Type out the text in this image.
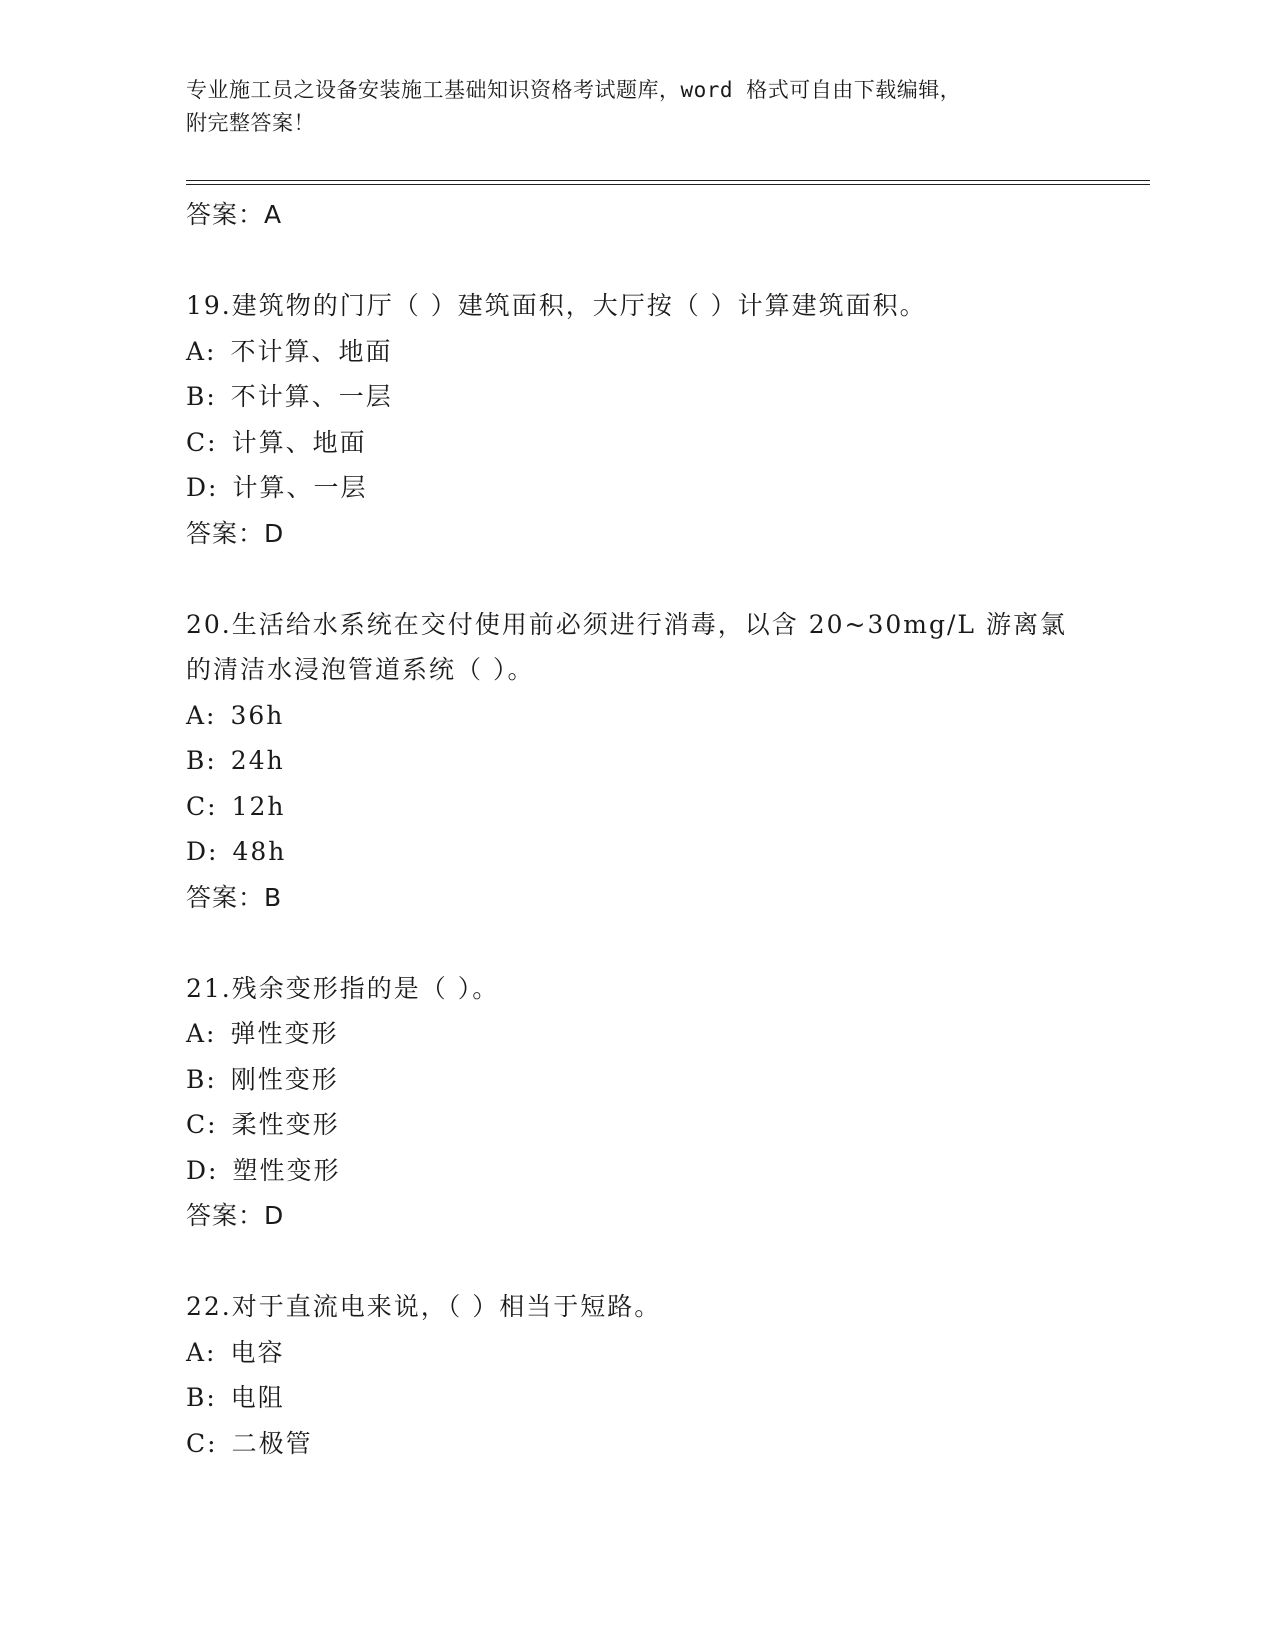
专业施工员之设备安装施工基础知识资格考试题库，word 格式可自由下载编辑，
附完整答案！
答案：A
19.建筑物的门厅（ ）建筑面积，大厅按（ ）计算建筑面积。
A: 不计算、地面
B: 不计算、一层
C: 计算、地面
D: 计算、一层
答案：D
20.生活给水系统在交付使用前必须进行消毒，以含 20~30mg/L 游离氯
的清洁水浸泡管道系统（ ）。
A: 36h
B: 24h
C: 12h
D: 48h
答案：B
21.残余变形指的是（ ）。
A: 弹性变形
B: 刚性变形
C: 柔性变形
D: 塑性变形
答案：D
22.对于直流电来说，（ ）相当于短路。
A: 电容
B: 电阻
C: 二极管
